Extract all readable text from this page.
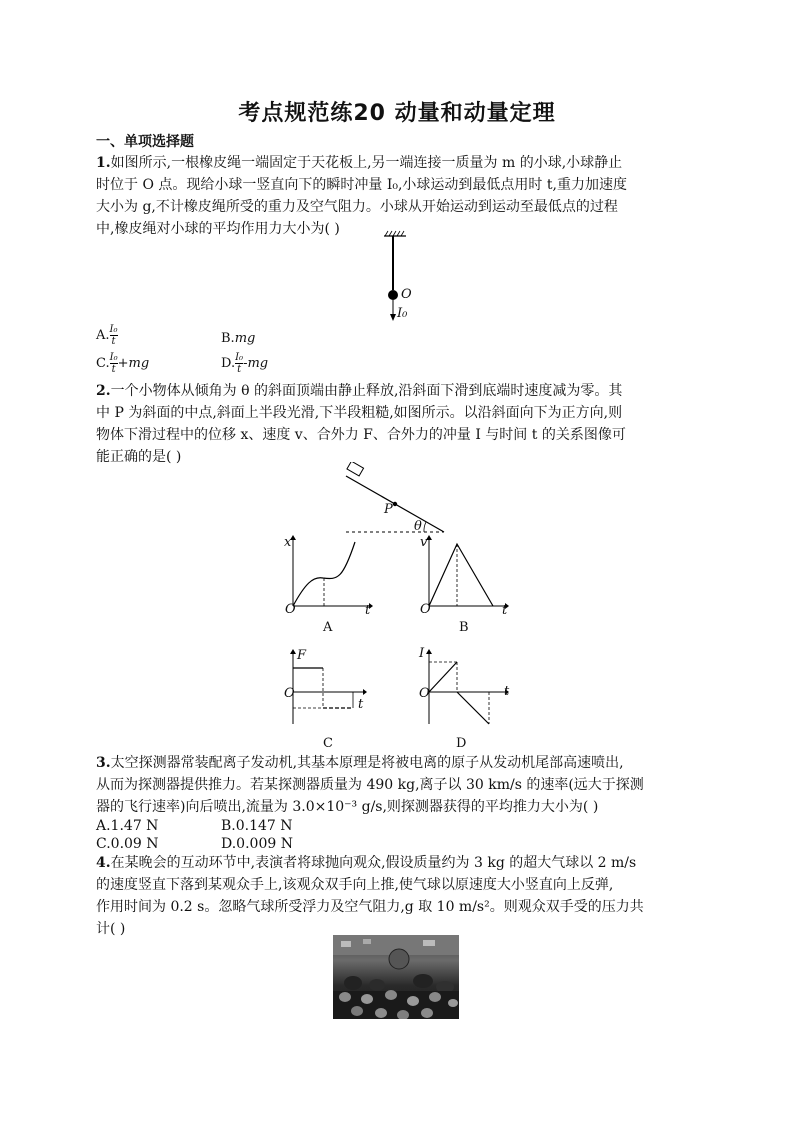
考点规范练20 动量和动量定理
一、单项选择题
1.如图所示,一根橡皮绳一端固定于天花板上,另一端连接一质量为 m 的小球,小球静止
时位于 O 点。现给小球一竖直向下的瞬时冲量 I₀,小球运动到最低点用时 t,重力加速度
大小为 g,不计橡皮绳所受的重力及空气阻力。小球从开始运动到运动至最低点的过程
中,橡皮绳对小球的平均作用力大小为( )
O
I₀
A. $\frac{\text{I₀}}{t}$	B.mg
C. $\frac{\text{I₀}}{t} +mg$	D. $\frac{\text{I₀}}{t} -mg$
2.一个小物体从倾角为 θ 的斜面顶端由静止释放,沿斜面下滑到底端时速度减为零。其
中 P 为斜面的中点,斜面上半段光滑,下半段粗糙,如图所示。以沿斜面向下为正方向,则
物体下滑过程中的位移 x、速度 v、合外力 F、合外力的冲量 I 与时间 t 的关系图像可
能正确的是( )
P
θ
x
t
O
A
v
t
O
B
F
t
O
C
I
t
O
D
3.太空探测器常装配离子发动机,其基本原理是将被电离的原子从发动机尾部高速喷出,
从而为探测器提供推力。若某探测器质量为 490 kg,离子以 30 km/s 的速率(远大于探测
器的飞行速率)向后喷出,流量为 3.0×10⁻³ g/s,则探测器获得的平均推力大小为( )
A.1.47 N	B.0.147 N
C.0.09 N	D.0.009 N
4.在某晚会的互动环节中,表演者将球抛向观众,假设质量约为 3 kg 的超大气球以 2 m/s
的速度竖直下落到某观众手上,该观众双手向上推,使气球以原速度大小竖直向上反弹,
作用时间为 0.2 s。忽略气球所受浮力及空气阻力,g 取 10 m/s²。则观众双手受的压力共
计( )
